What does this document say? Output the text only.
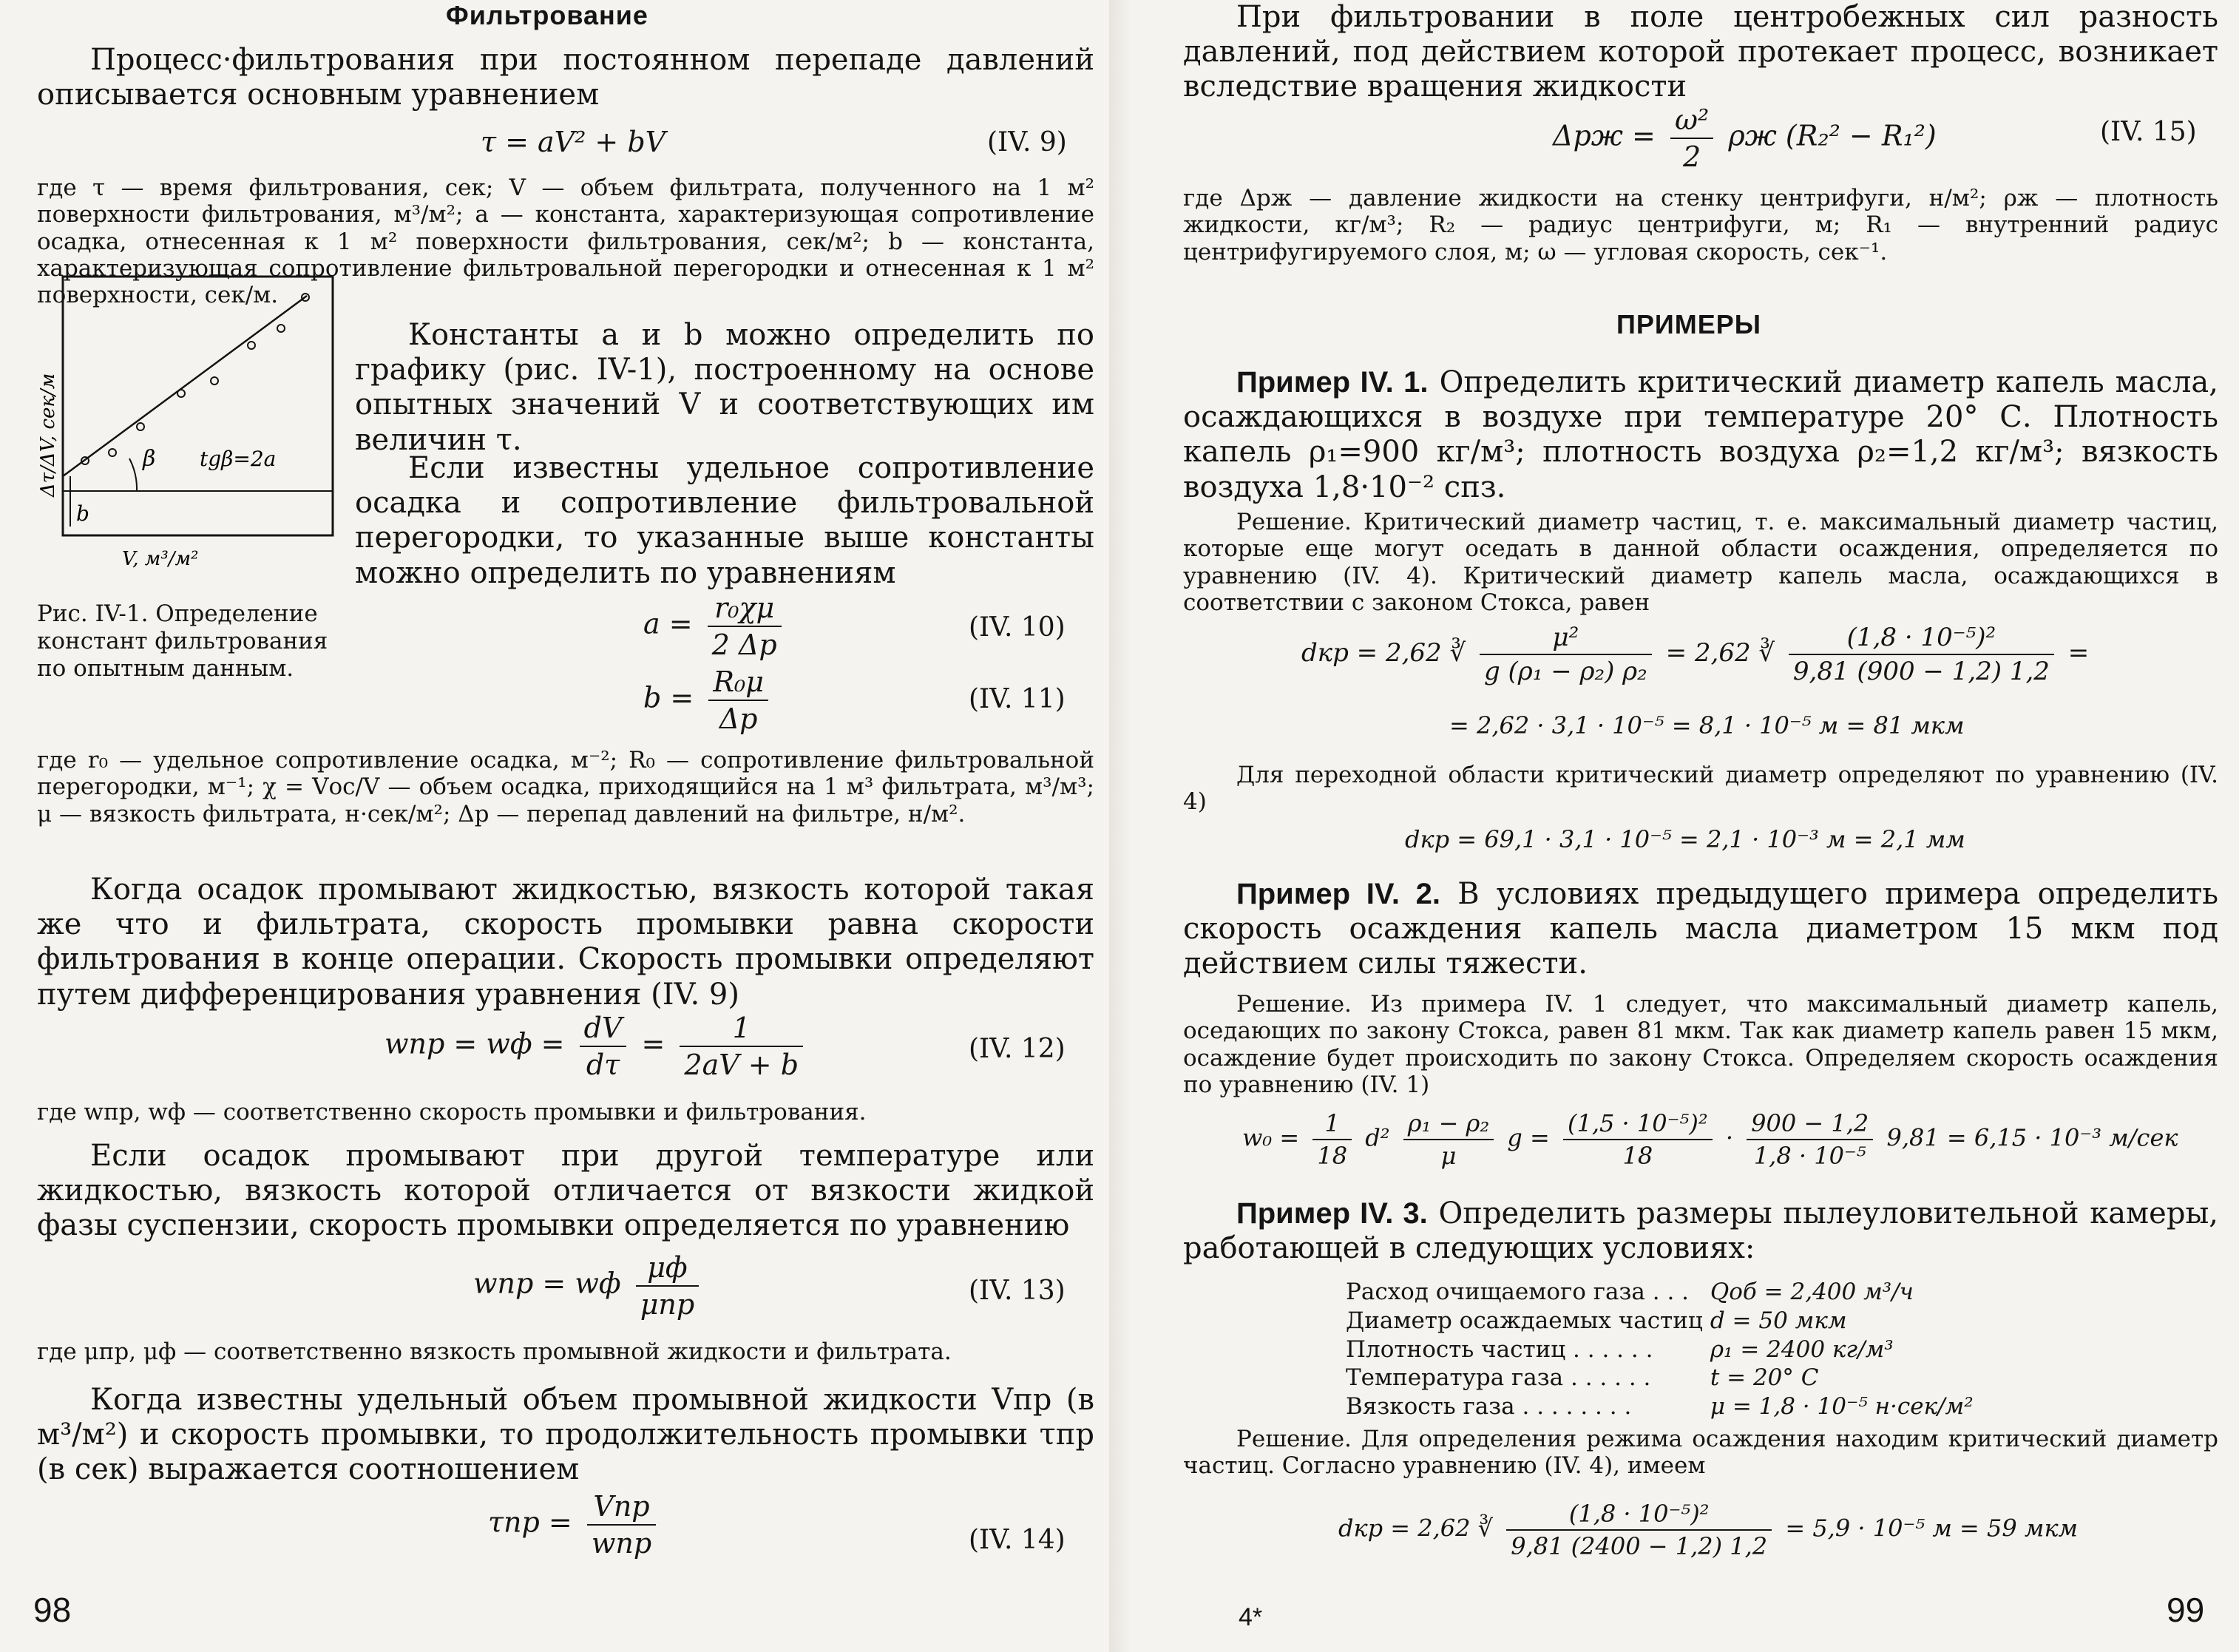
Фильтрование

Процесс·фильтрования при постоянном перепаде давлений описывается основным уравнением

τ = aV² + bV	(IV. 9)

где τ — время фильтрования, сек; V — объем фильтрата, полученного на 1 м² поверхности фильтрования, м³/м²; a — константа, характеризующая сопротивление осадка, отнесенная к 1 м² поверхности фильтрования, сек/м²; b — константа, характеризующая сопротивление фильтровальной перегородки и отнесенная к 1 м² поверхности, сек/м.

β tgβ=2a
b
V, м³/м²
Δτ/ΔV, сек/м
Рис. IV-1. Определение констант фильтрования по опытным данным.

Константы a и b можно определить по графику (рис. IV-1), построенному на основе опытных значений V и соответствующих им величин τ.

Если известны удельное сопротивление осадка и сопротивление фильтровальной перегородки, то указанные выше константы можно определить по уравнениям

$a = \frac{\text{r₀χμ}}{2 \Delta p}$	(IV. 10)
$b = \frac{\text{R₀μ}}{\Delta p}$	(IV. 11)

где r₀ — удельное сопротивление осадка, м⁻²; R₀ — сопротивление фильтровальной перегородки, м⁻¹; χ = Vос/V — объем осадка, приходящийся на 1 м³ фильтрата, м³/м³; μ — вязкость фильтрата, н·сек/м²; Δp — перепад давлений на фильтре, н/м².

Когда осадок промывают жидкостью, вязкость которой такая же что и фильтрата, скорость промывки равна скорости фильтрования в конце операции. Скорость промывки определяют путем дифференцирования уравнения (IV. 9)

wпр = wф = $\frac{dV}{d\tau} = \frac{1}{2aV + b}$	(IV. 12)

где wпр, wф — соответственно скорость промывки и фильтрования.

Если осадок промывают при другой температуре или жидкостью, вязкость которой отличается от вязкости жидкой фазы суспензии, скорость промывки определяется по уравнению

wпр = wф $\frac{\mu ф}{\text{μпр}}$	(IV. 13)

где μпр, μф — соответственно вязкость промывной жидкости и фильтрата.

Когда известны удельный объем промывной жидкости Vпр (в м³/м²) и скорость промывки, то продолжительность промывки τпр (в сек) выражается соотношением

$\tau пр = \frac{\text{Vпр}}{\text{wпр}}$	(IV. 14)
98

При фильтровании в поле центробежных сил разность давлений, под действием которой протекает процесс, возникает вследствие вращения жидкости

$\Delta pж = \frac{\text{ω²}}{2}$ ρж (R₂² − R₁²)	(IV. 15)

где Δpж — давление жидкости на стенку центрифуги, н/м²; ρж — плотность жидкости, кг/м³; R₂ — радиус центрифуги, м; R₁ — внутренний радиус центрифугируемого слоя, м; ω — угловая скорость, сек⁻¹.

ПРИМЕРЫ

Пример IV. 1. Определить критический диаметр капель масла, осаждающихся в воздухе при температуре 20° С. Плотность капель ρ₁=900 кг/м³; плотность воздуха ρ₂=1,2 кг/м³; вязкость воздуха 1,8·10⁻² спз.

Решение. Критический диаметр частиц, т. е. максимальный диаметр частиц, которые еще могут оседать в данной области осаждения, определяется по уравнению (IV. 4). Критический диаметр капель масла, осаждающихся в соответствии с законом Стокса, равен

dкр = 2,62 ∛ $\frac{\text{μ²}}{\text{g (ρ₁ − ρ₂) ρ₂}} = 2,62$ ∛ $\frac{\text{(1,8 · 10⁻⁵)²}}{9,81 (900 - 1,2) 1,2}$ =
= 2,62 · 3,1 · 10⁻⁵ = 8,1 · 10⁻⁵ м = 81 мкм

Для переходной области критический диаметр определяют по уравнению (IV. 4)

dкр = 69,1 · 3,1 · 10⁻⁵ = 2,1 · 10⁻³ м = 2,1 мм

Пример IV. 2. В условиях предыдущего примера определить скорость осаждения капель масла диаметром 15 мкм под действием силы тяжести.

Решение. Из примера IV. 1 следует, что максимальный диаметр капель, оседающих по закону Стокса, равен 81 мкм. Так как диаметр капель равен 15 мкм, осаждение будет происходить по закону Стокса. Определяем скорость осаждения по уравнению (IV. 1)

$w_0 = \frac{1}{18} d^2 \frac{\text{ρ₁ − ρ₂}}{\mu}$ $g = \frac{\text{(1,5 · 10⁻⁵)²}}{18} \cdot \frac{900 - 1,2}{\text{1,8 · 10⁻⁵}} 9,81 = 6,15 \cdot 10^{-3}$ м/сек

Пример IV. 3. Определить размеры пылеуловительной камеры, работающей в следующих условиях:

Расход очищаемого газа . . .	Qоб = 2,400 м³/ч
Диаметр осаждаемых частиц	d = 50 мкм
Плотность частиц . . . . . .	ρ₁ = 2400 кг/м³
Температура газа . . . . . .	t = 20° C
Вязкость газа . . . . . . . .	μ = 1,8 · 10⁻⁵ н·сек/м²

Решение. Для определения режима осаждения находим критический диаметр частиц. Согласно уравнению (IV. 4), имеем

dкр = 2,62 ∛ $\frac{\text{(1,8 · 10⁻⁵)²}}{9,81 (2400 - 1,2) 1,2} = 5,9 \cdot 10^{-5}$ м = 59 мкм
4*	99
